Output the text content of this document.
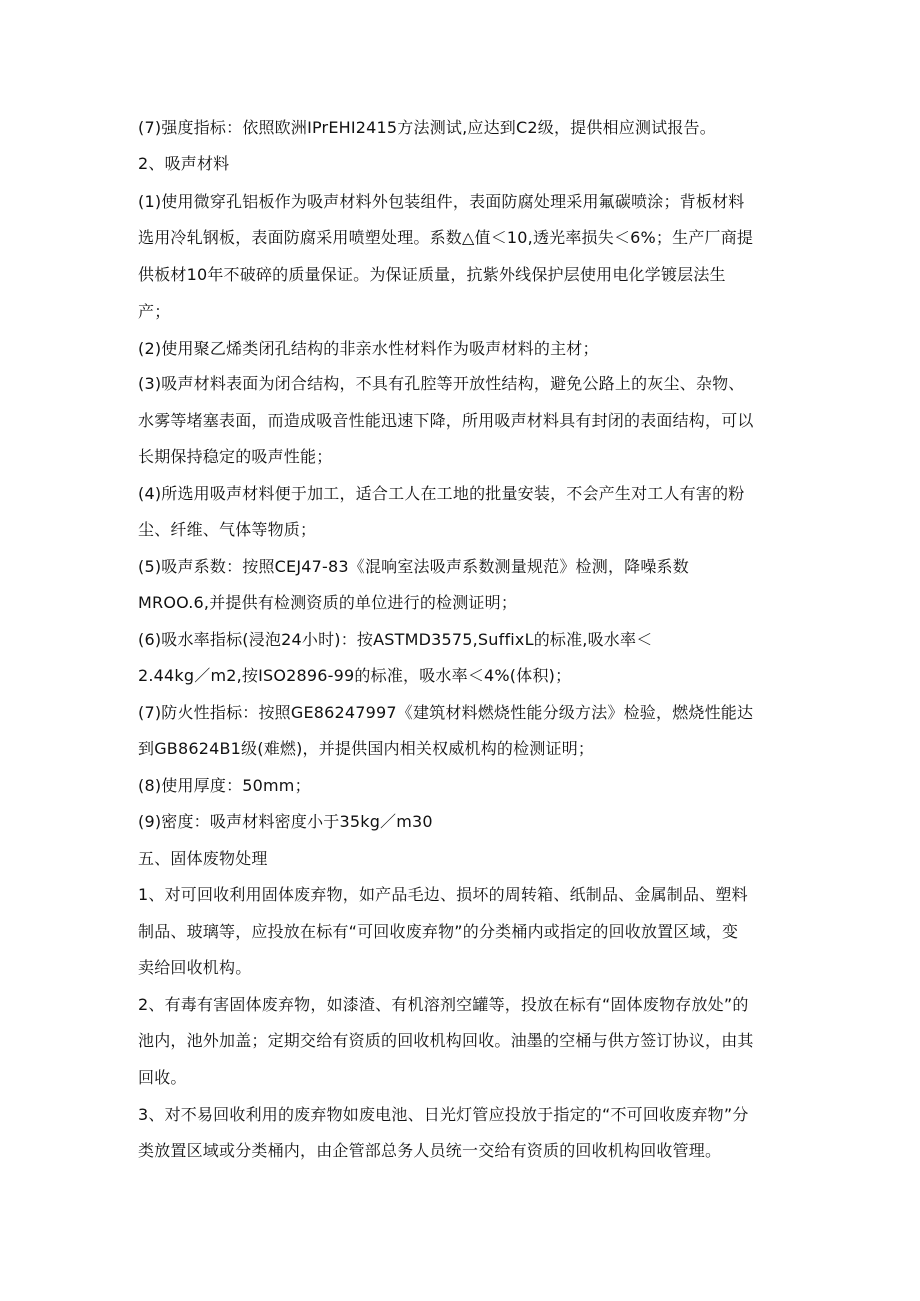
(7)强度指标：依照欧洲IPrEHI2415方法测试,应达到C2级，提供相应测试报告。
2、吸声材料
(1)使用微穿孔铝板作为吸声材料外包装组件，表面防腐处理采用氟碳喷涂；背板材料
选用冷轧钢板，表面防腐采用喷塑处理。系数△值＜10,透光率损失＜6%；生产厂商提
供板材10年不破碎的质量保证。为保证质量，抗紫外线保护层使用电化学镀层法生
产；
(2)使用聚乙烯类闭孔结构的非亲水性材料作为吸声材料的主材；
(3)吸声材料表面为闭合结构，不具有孔腔等开放性结构，避免公路上的灰尘、杂物、
水雾等堵塞表面，而造成吸音性能迅速下降，所用吸声材料具有封闭的表面结构，可以
长期保持稳定的吸声性能；
(4)所选用吸声材料便于加工，适合工人在工地的批量安装，不会产生对工人有害的粉
尘、纤维、气体等物质；
(5)吸声系数：按照CEJ47-83《混响室法吸声系数测量规范》检测，降噪系数
MROO.6,并提供有检测资质的单位进行的检测证明；
(6)吸水率指标(浸泡24小时)：按ASTMD3575,SuffixL的标准,吸水率＜
2.44kg／m2,按ISO2896-99的标准，吸水率＜4%(体积)；
(7)防火性指标：按照GE86247997《建筑材料燃烧性能分级方法》检验，燃烧性能达
到GB8624B1级(难燃)，并提供国内相关权威机构的检测证明；
(8)使用厚度：50mm；
(9)密度：吸声材料密度小于35kg／m30
五、固体废物处理
1、对可回收利用固体废弃物，如产品毛边、损坏的周转箱、纸制品、金属制品、塑料
制品、玻璃等，应投放在标有“可回收废弃物”的分类桶内或指定的回收放置区域，变
卖给回收机构。
2、有毒有害固体废弃物，如漆渣、有机溶剂空罐等，投放在标有“固体废物存放处”的
池内，池外加盖；定期交给有资质的回收机构回收。油墨的空桶与供方签订协议，由其
回收。
3、对不易回收利用的废弃物如废电池、日光灯管应投放于指定的“不可回收废弃物”分
类放置区域或分类桶内，由企管部总务人员统一交给有资质的回收机构回收管理。
